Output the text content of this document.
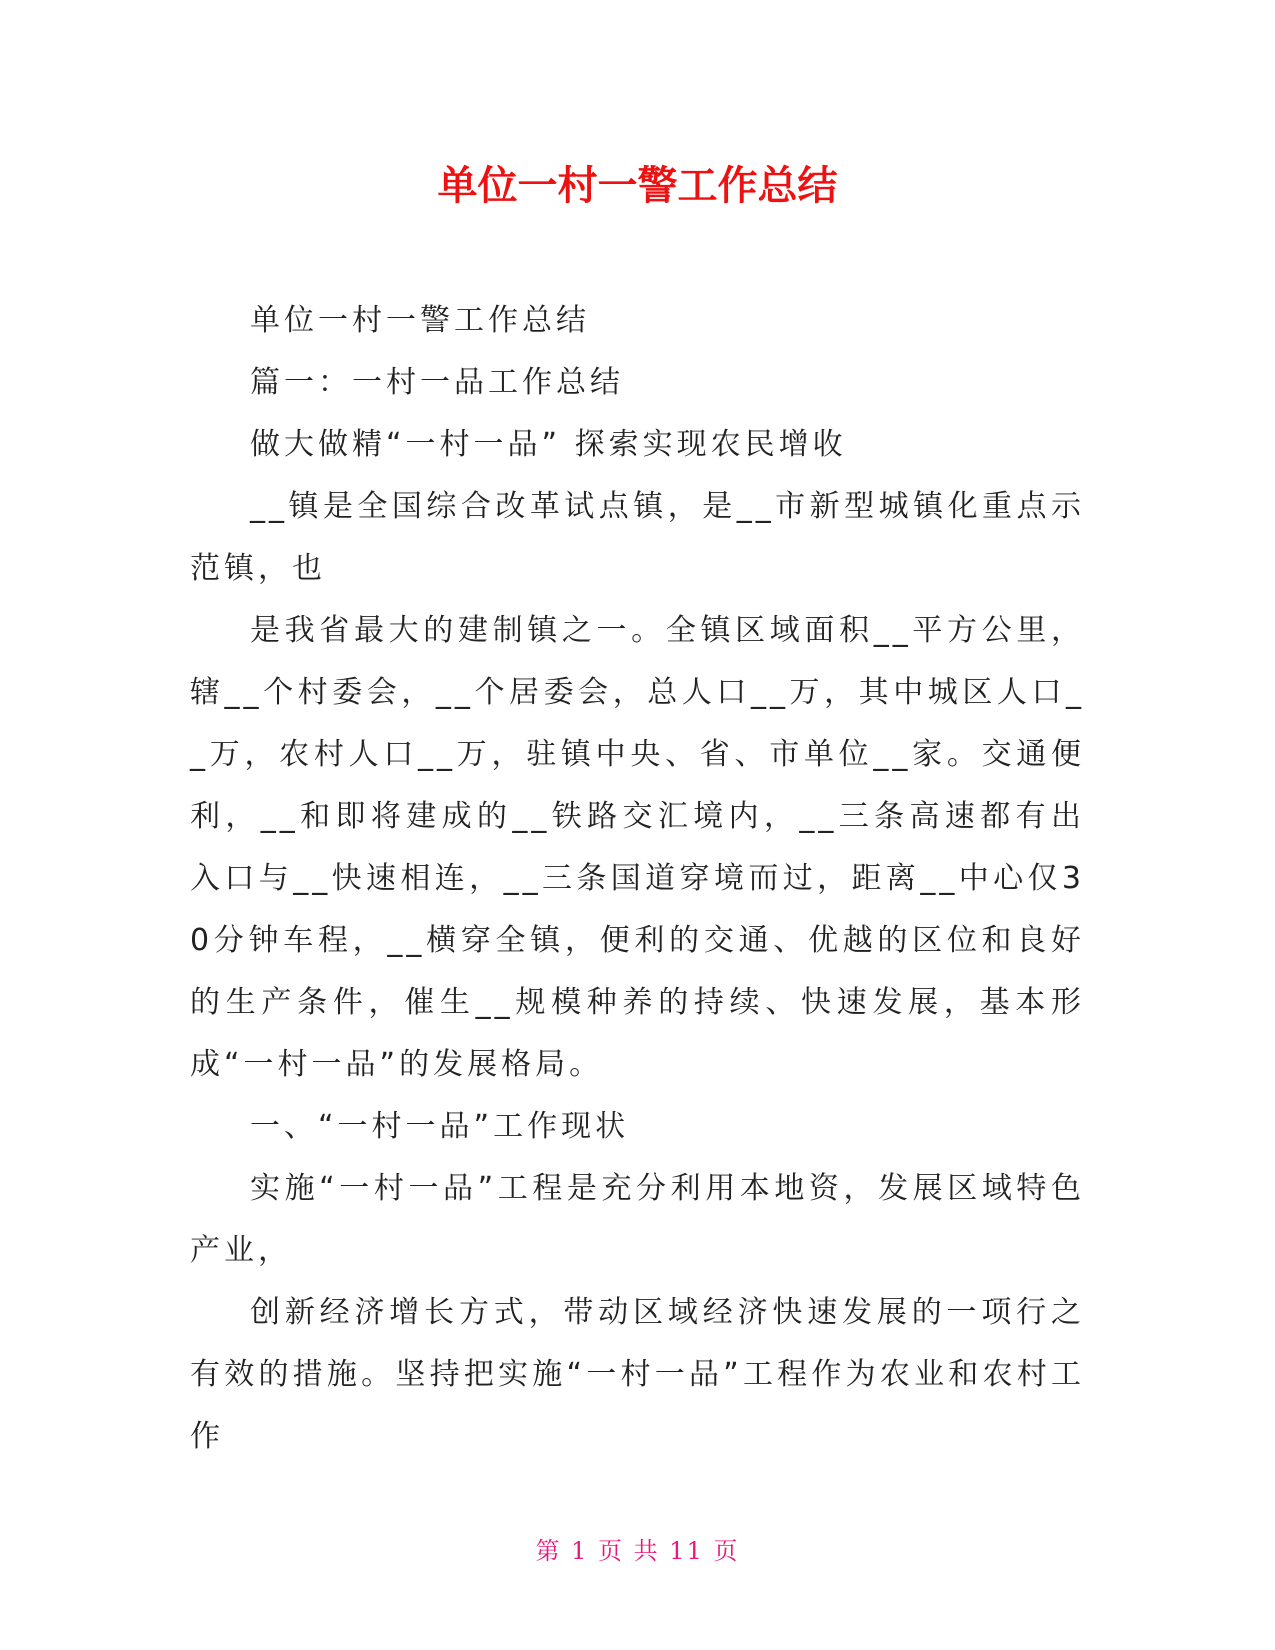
单位一村一警工作总结

单位一村一警工作总结

篇一：一村一品工作总结

做大做精“一村一品” 探索实现农民增收

__镇是全国综合改革试点镇，是__市新型城镇化重点示范镇，也

是我省最大的建制镇之一。全镇区域面积__平方公里，辖__个村委会，__个居委会，总人口__万，其中城区人口__万，农村人口__万，驻镇中央、省、市单位__家。交通便利，__和即将建成的__铁路交汇境内，__三条高速都有出入口与__快速相连，__三条国道穿境而过，距离__中心仅30分钟车程，__横穿全镇，便利的交通、优越的区位和良好的生产条件，催生__规模种养的持续、快速发展，基本形成“一村一品”的发展格局。

一、“一村一品”工作现状

实施“一村一品”工程是充分利用本地资，发展区域特色产业，

创新经济增长方式，带动区域经济快速发展的一项行之有效的措施。坚持把实施“一村一品”工程作为农业和农村工作

第 1 页 共 11 页
